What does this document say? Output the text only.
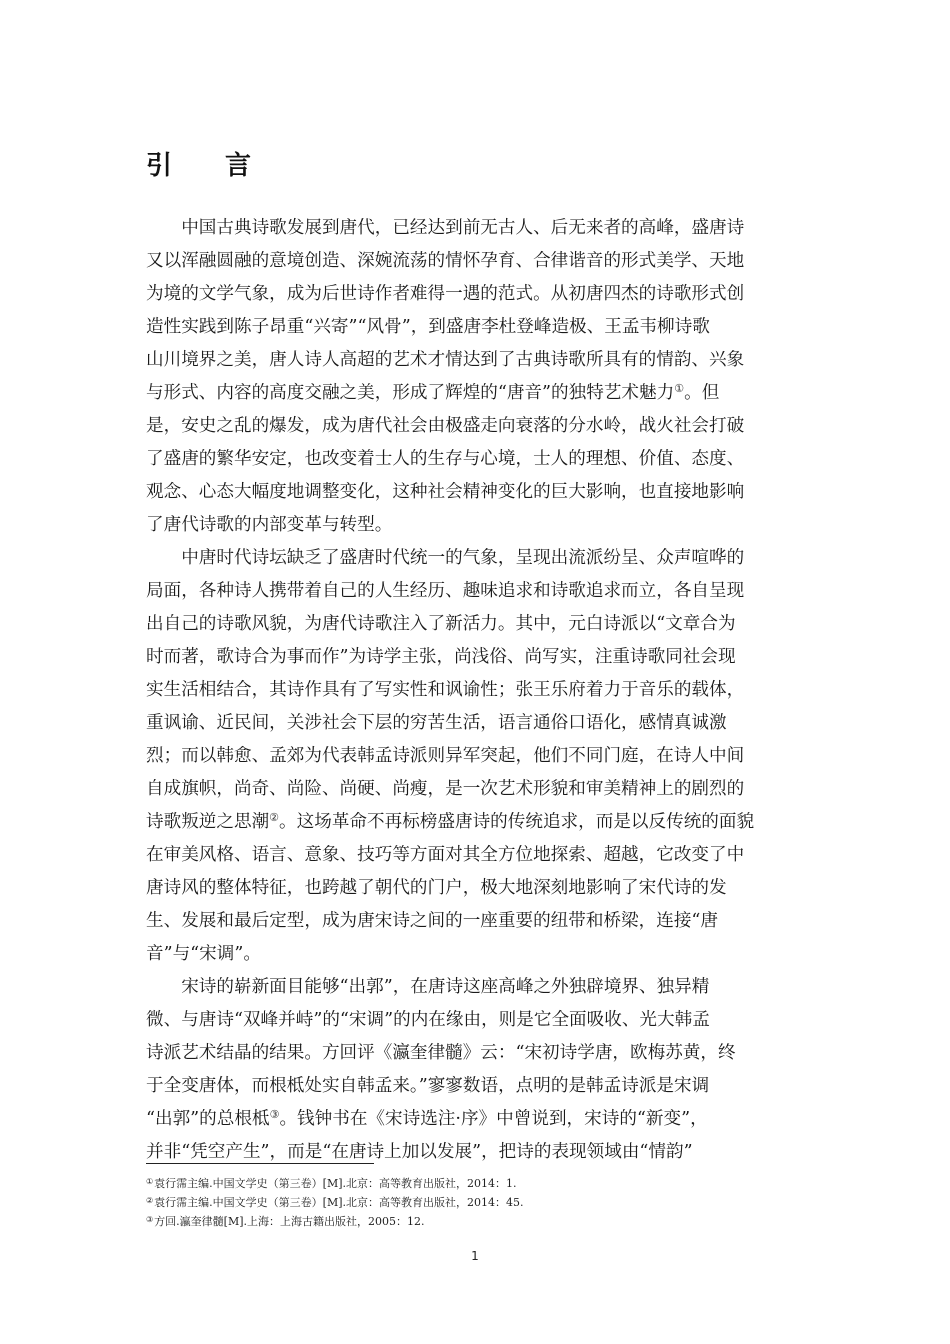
引 言
　　中国古典诗歌发展到唐代，已经达到前无古人、后无来者的高峰，盛唐诗
又以浑融圆融的意境创造、深婉流荡的情怀孕育、合律谐音的形式美学、天地
为境的文学气象，成为后世诗作者难得一遇的范式。从初唐四杰的诗歌形式创
造性实践到陈子昂重“兴寄”“风骨”，到盛唐李杜登峰造极、王孟韦柳诗歌
山川境界之美，唐人诗人高超的艺术才情达到了古典诗歌所具有的情韵、兴象
与形式、内容的高度交融之美，形成了辉煌的“唐音”的独特艺术魅力①。但
是，安史之乱的爆发，成为唐代社会由极盛走向衰落的分水岭，战火社会打破
了盛唐的繁华安定，也改变着士人的生存与心境，士人的理想、价值、态度、
观念、心态大幅度地调整变化，这种社会精神变化的巨大影响，也直接地影响
了唐代诗歌的内部变革与转型。
　　中唐时代诗坛缺乏了盛唐时代统一的气象，呈现出流派纷呈、众声喧哗的
局面，各种诗人携带着自己的人生经历、趣味追求和诗歌追求而立，各自呈现
出自己的诗歌风貌，为唐代诗歌注入了新活力。其中，元白诗派以“文章合为
时而著，歌诗合为事而作”为诗学主张，尚浅俗、尚写实，注重诗歌同社会现
实生活相结合，其诗作具有了写实性和讽谕性；张王乐府着力于音乐的载体，
重讽谕、近民间，关涉社会下层的穷苦生活，语言通俗口语化，感情真诚激
烈；而以韩愈、孟郊为代表韩孟诗派则异军突起，他们不同门庭，在诗人中间
自成旗帜，尚奇、尚险、尚硬、尚瘦，是一次艺术形貌和审美精神上的剧烈的
诗歌叛逆之思潮②。这场革命不再标榜盛唐诗的传统追求，而是以反传统的面貌
在审美风格、语言、意象、技巧等方面对其全方位地探索、超越，它改变了中
唐诗风的整体特征，也跨越了朝代的门户，极大地深刻地影响了宋代诗的发
生、发展和最后定型，成为唐宋诗之间的一座重要的纽带和桥梁，连接“唐
音”与“宋调”。
　　宋诗的崭新面目能够“出郭”，在唐诗这座高峰之外独辟境界、独异精
微、与唐诗“双峰并峙”的“宋调”的内在缘由，则是它全面吸收、光大韩孟
诗派艺术结晶的结果。方回评《瀛奎律髓》云：“宋初诗学唐，欧梅苏黄，终
于全变唐体，而根柢处实自韩孟来。”寥寥数语，点明的是韩孟诗派是宋调
“出郭”的总根柢③。钱钟书在《宋诗选注·序》中曾说到，宋诗的“新变”，
并非“凭空产生”，而是“在唐诗上加以发展”，把诗的表现领域由“情韵”
①袁行霈主编.中国文学史（第三卷）[M].北京：高等教育出版社，2014：1.
②袁行霈主编.中国文学史（第三卷）[M].北京：高等教育出版社，2014：45.
③方回.瀛奎律髓[M].上海：上海古籍出版社，2005：12.
1
